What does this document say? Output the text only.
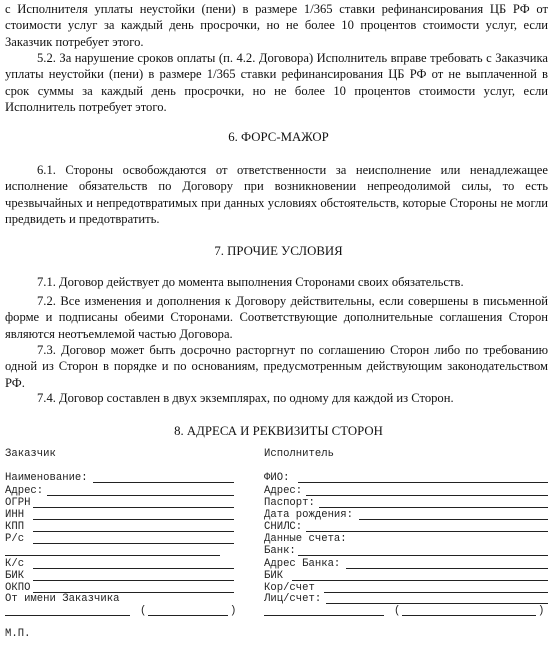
с Исполнителя уплаты неустойки (пени) в размере 1/365 ставки рефинансирования ЦБ РФ от стоимости услуг за каждый день просрочки, но не более 10 процентов стоимости услуг, если Заказчик потребует этого.
5.2. За нарушение сроков оплаты (п. 4.2. Договора) Исполнитель вправе требовать с Заказчика уплаты неустойки (пени) в размере 1/365 ставки рефинансирования ЦБ РФ от не выплаченной в срок суммы за каждый день просрочки, но не более 10 процентов стоимости услуг, если Исполнитель потребует этого.
6. ФОРС-МАЖОР
6.1. Стороны освобождаются от ответственности за неисполнение или ненадлежащее исполнение обязательств по Договору при возникновении непреодолимой силы, то есть чрезвычайных и непредотвратимых при данных условиях обстоятельств, которые Стороны не могли предвидеть и предотвратить.
7. ПРОЧИЕ УСЛОВИЯ
7.1. Договор действует до момента выполнения Сторонами своих обязательств.
7.2. Все изменения и дополнения к Договору действительны, если совершены в письменной форме и подписаны обеими Сторонами. Соответствующие дополнительные соглашения Сторон являются неотъемлемой частью Договора.
7.3. Договор может быть досрочно расторгнут по соглашению Сторон либо по требованию одной из Сторон в порядке и по основаниям, предусмотренным действующим законодательством РФ.
7.4. Договор составлен в двух экземплярах, по одному для каждой из Сторон.
8. АДРЕСА И РЕКВИЗИТЫ СТОРОН
Заказчик
Наименование:
Адрес:
ОГРН
ИНН
КПП
Р/с
К/с
БИК
ОКПО
От имени Заказчика
(	)
М.П.
Исполнитель
ФИО:
Адрес:
Паспорт:
Дата рождения:
СНИЛС:
Данные счета:
Банк:
Адрес Банка:
БИК
Кор/счет
Лиц/счет:
(	)
